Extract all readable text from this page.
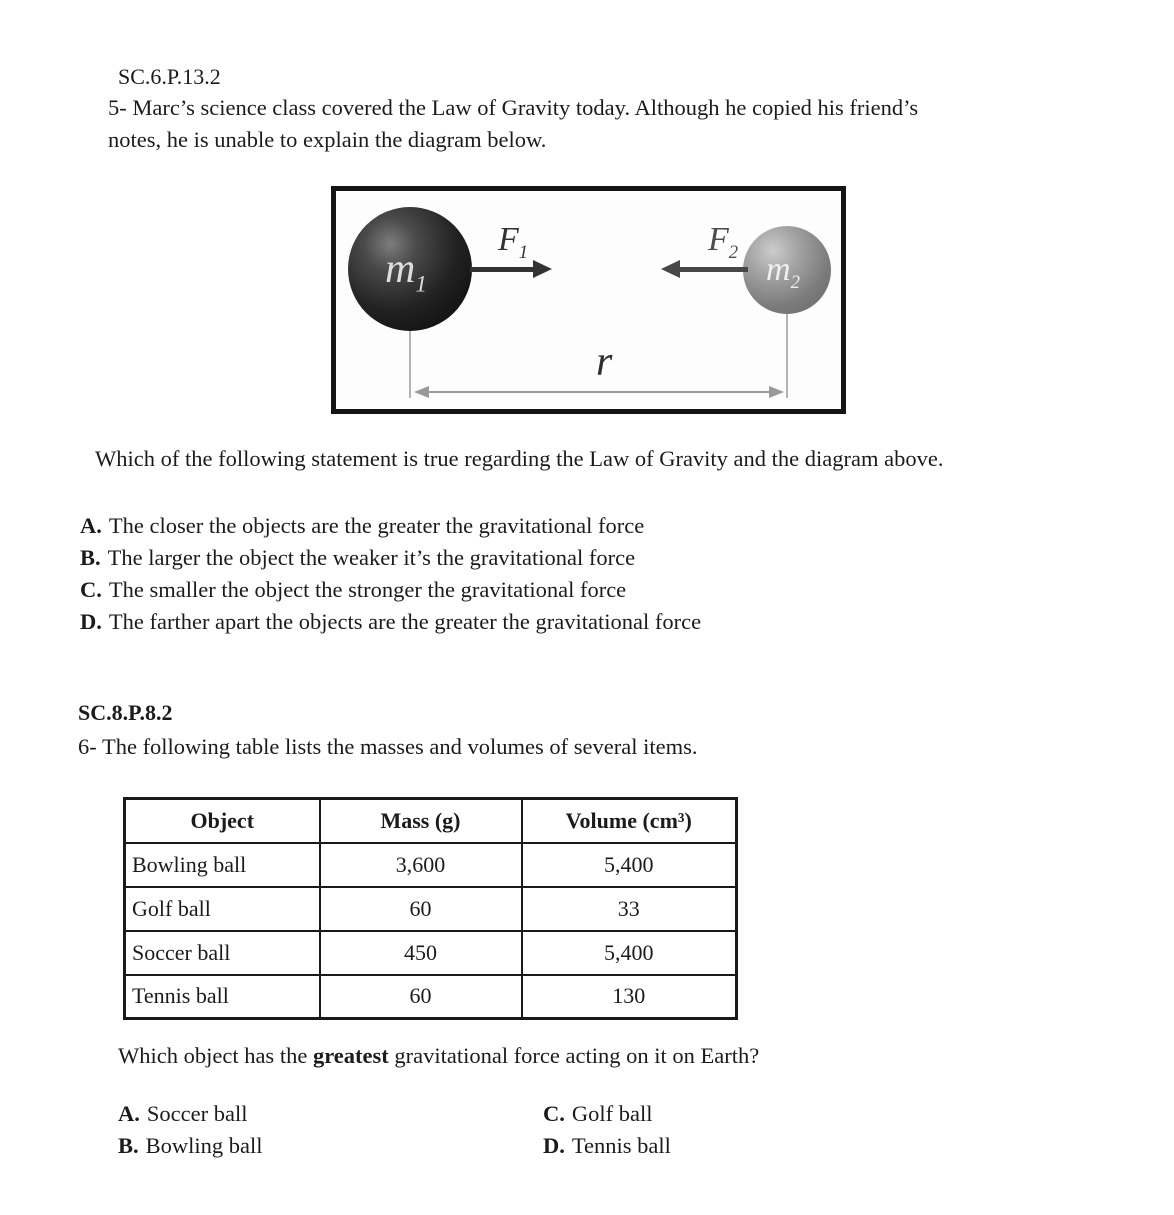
SC.6.P.13.2
5- Marc’s science class covered the Law of Gravity today. Although he copied his friend’s
notes, he is unable to explain the diagram below.
$m_1$
$F_1$	$m_2$
$F_2$
r
Which of the following statement is true regarding the Law of Gravity and the diagram above.
A. The closer the objects are the greater the gravitational force
B. The larger the object the weaker it’s the gravitational force
C. The smaller the object the stronger the gravitational force
D. The farther apart the objects are the greater the gravitational force
SC.8.P.8.2
6- The following table lists the masses and volumes of several items.
Object	Mass (g)	Volume (cm³)
Bowling ball	3,600	5,400
Golf ball	60	33
Soccer ball	450	5,400
Tennis ball	60	130
Which object has the greatest gravitational force acting on it on Earth?
A. Soccer ball	C. Golf ball
B. Bowling ball	D. Tennis ball
